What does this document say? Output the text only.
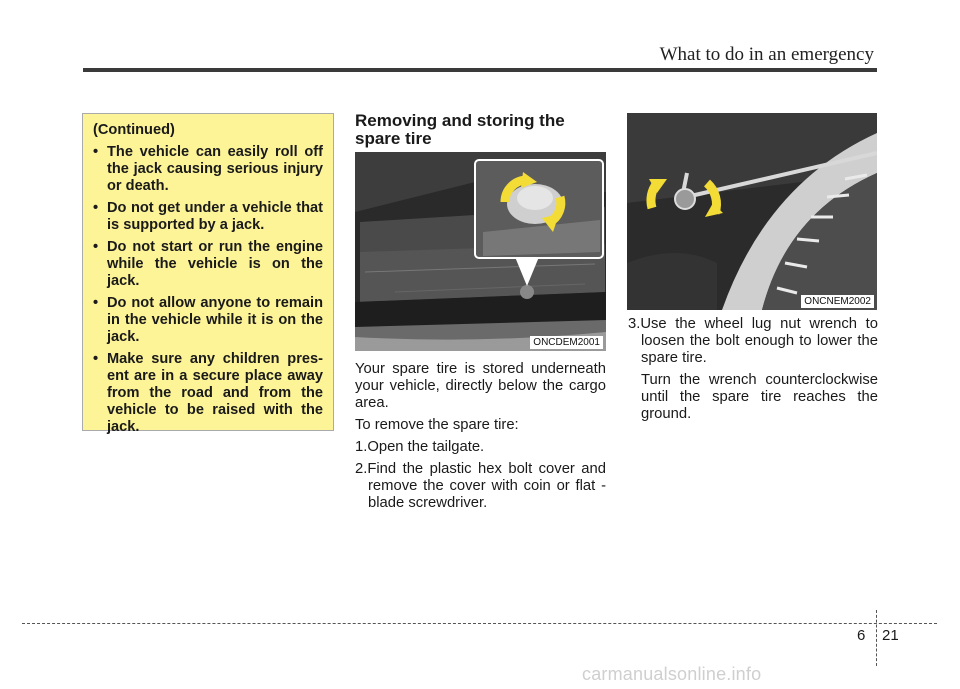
What to do in an emergency
(Continued)
• The vehicle can easily roll off the jack causing serious injury or death.
• Do not get under a vehicle that is supported by a jack.
• Do not start or run the engine while the vehicle is on the jack.
• Do not allow anyone to remain in the vehicle while it is on the jack.
• Make sure any children pres- ent are in a secure place away from the road and from the vehicle to be raised with the jack.
Removing and storing the spare tire
ONCDEM2001

Your spare tire is stored underneath your vehicle, directly below the cargo area.

To remove the spare tire:

1.Open the tailgate.

2.Find the plastic hex bolt cover and remove the cover with coin or flat - blade screwdriver.

ONCNEM2002

3.Use the wheel lug nut wrench to loosen the bolt enough to lower the spare tire.

Turn the wrench counterclockwise until the spare tire reaches the ground.

6 21
carmanualsonline.info
